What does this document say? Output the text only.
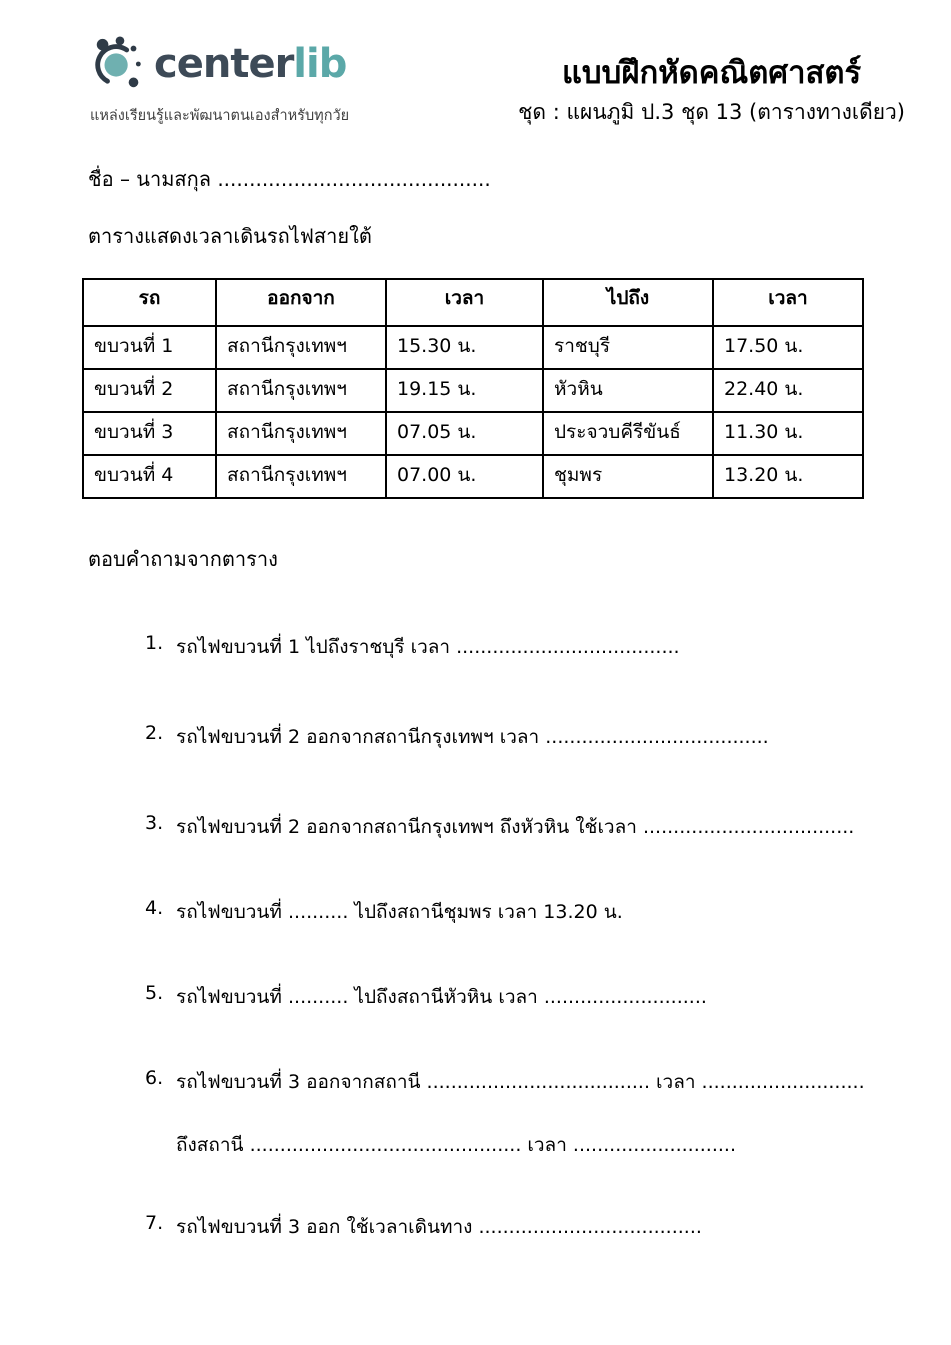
centerlib
แหล่งเรียนรู้และพัฒนาตนเองสำหรับทุกวัย
แบบฝึกหัดคณิตศาสตร์
ชุด : แผนภูมิ ป.3 ชุด 13 (ตารางทางเดียว)
ชื่อ – นามสกุล ...........................................
ตารางแสดงเวลาเดินรถไฟสายใต้
รถ	ออกจาก	เวลา	ไปถึง	เวลา
ขบวนที่ 1	สถานีกรุงเทพฯ	15.30 น.	ราชบุรี	17.50 น.
ขบวนที่ 2	สถานีกรุงเทพฯ	19.15 น.	หัวหิน	22.40 น.
ขบวนที่ 3	สถานีกรุงเทพฯ	07.05 น.	ประจวบคีรีขันธ์	11.30 น.
ขบวนที่ 4	สถานีกรุงเทพฯ	07.00 น.	ชุมพร	13.20 น.
ตอบคำถามจากตาราง
1. รถไฟขบวนที่ 1 ไปถึงราชบุรี เวลา .....................................
2. รถไฟขบวนที่ 2 ออกจากสถานีกรุงเทพฯ เวลา .....................................
3. รถไฟขบวนที่ 2 ออกจากสถานีกรุงเทพฯ ถึงหัวหิน ใช้เวลา ...................................
4. รถไฟขบวนที่ .......... ไปถึงสถานีชุมพร เวลา 13.20 น.
5. รถไฟขบวนที่ .......... ไปถึงสถานีหัวหิน เวลา ...........................
6. รถไฟขบวนที่ 3 ออกจากสถานี ..................................... เวลา ...........................
ถึงสถานี ............................................. เวลา ...........................
7. รถไฟขบวนที่ 3 ออก ใช้เวลาเดินทาง .....................................
